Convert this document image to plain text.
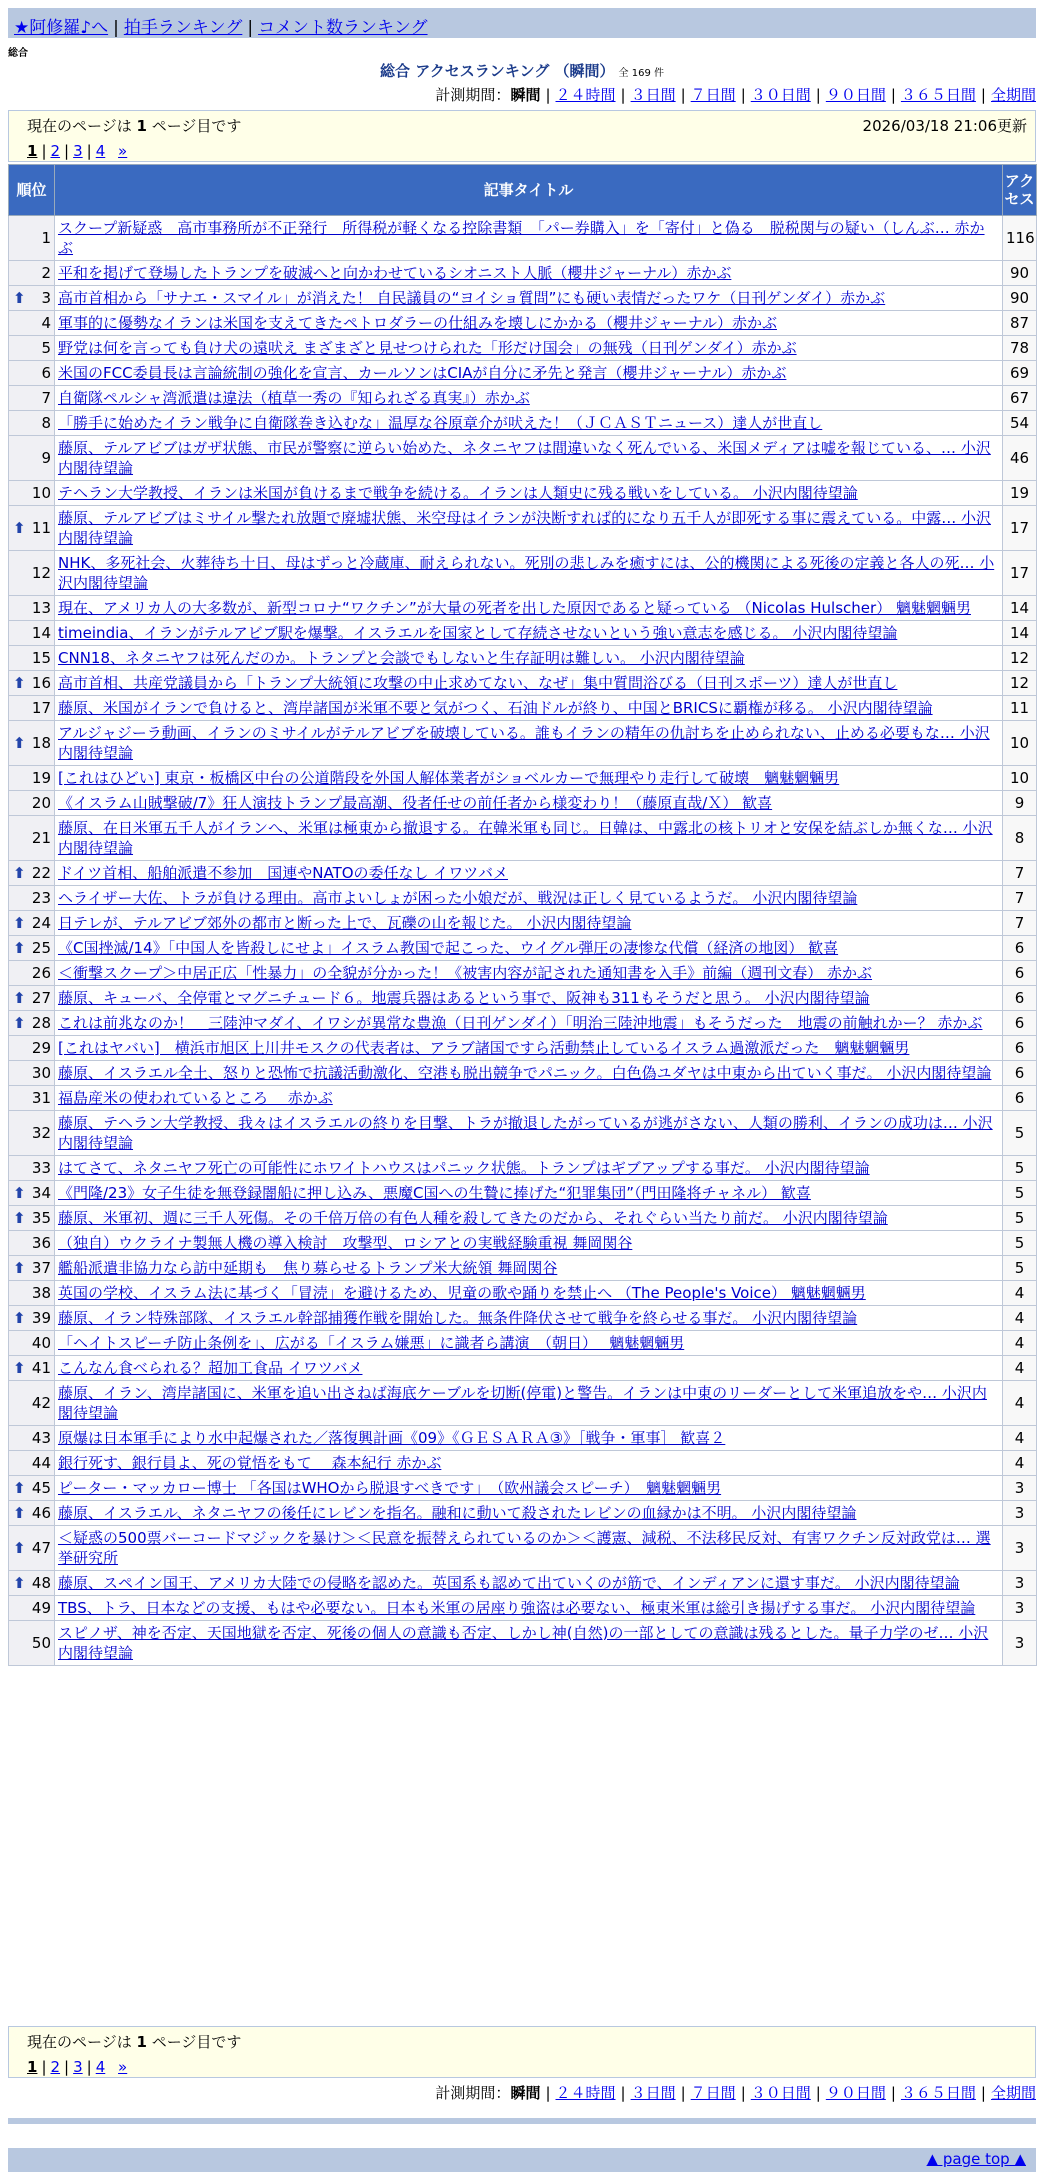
★阿修羅♪へ | 拍手ランキング | コメント数ランキング
総合
総合 アクセスランキング （瞬間） 全 169 件
計測期間：瞬間 | ２４時間 | ３日間 | ７日間 | ３０日間 | ９０日間 | ３６５日間 | 全期間
現在のページは 1 ページ目です	2026/03/18 21:06更新
1 | 2 | 3 | 4 »
順位	記事タイトル	アクセス
1	スクープ新疑惑　高市事務所が不正発行　所得税が軽くなる控除書類　「パー券購入」を「寄付」と偽る　脱税関与の疑い（しんぶ… 赤かぶ	116
2	平和を掲げて登場したトランプを破滅へと向かわせているシオニスト人脈（櫻井ジャーナル）赤かぶ	90

⬆ 3	高市首相から「サナエ・スマイル」が消えた！ 自民議員の“ヨイショ質問”にも硬い表情だったワケ（日刊ゲンダイ）赤かぶ	90
4	軍事的に優勢なイランは米国を支えてきたペトロダラーの仕組みを壊しにかかる（櫻井ジャーナル）赤かぶ	87
5	野党は何を言っても負け犬の遠吠え まざまざと見せつけられた「形だけ国会」の無残（日刊ゲンダイ）赤かぶ	78
6	米国のFCC委員長は言論統制の強化を宣言、カールソンはCIAが自分に矛先と発言（櫻井ジャーナル）赤かぶ	69
7	自衛隊ペルシャ湾派遣は違法（植草一秀の『知られざる真実』）赤かぶ	67
8	「勝手に始めたイラン戦争に自衛隊巻き込むな」温厚な谷原章介が吠えた！（ＪＣＡＳＴニュース）達人が世直し	54
9	藤原、テルアビブはガザ状態、市民が警察に逆らい始めた、ネタニヤフは間違いなく死んでいる、米国メディアは嘘を報じている、… 小沢内閣待望論	46
10	テヘラン大学教授、イランは米国が負けるまで戦争を続ける。イランは人類史に残る戦いをしている。 小沢内閣待望論	19

⬆ 11	藤原、テルアビブはミサイル撃たれ放題で廃墟状態、米空母はイランが決断すれば的になり五千人が即死する事に震えている。中露… 小沢内閣待望論	17
12	NHK、多死社会、火葬待ち十日、母はずっと冷蔵庫、耐えられない。死別の悲しみを癒すには、公的機関による死後の定義と各人の死… 小沢内閣待望論	17
13	現在、アメリカ人の大多数が、新型コロナ“ワクチン”が大量の死者を出した原因であると疑っている （Nicolas Hulscher） 魑魅魍魎男	14
14	timeindia、イランがテルアビブ駅を爆撃。イスラエルを国家として存続させないという強い意志を感じる。 小沢内閣待望論	14
15	CNN18、ネタニヤフは死んだのか。トランプと会談でもしないと生存証明は難しい。 小沢内閣待望論	12

⬆ 16	高市首相、共産党議員から「トランプ大統領に攻撃の中止求めてない、なぜ」集中質問浴びる（日刊スポーツ）達人が世直し	12
17	藤原、米国がイランで負けると、湾岸諸国が米軍不要と気がつく、石油ドルが終り、中国とBRICSに覇権が移る。 小沢内閣待望論	11

⬆ 18	アルジャジーラ動画、イランのミサイルがテルアビブを破壊している。誰もイランの精年の仇討ちを止められない、止める必要もな… 小沢内閣待望論	10
19	[これはひどい] 東京・板橋区中台の公道階段を外国人解体業者がショベルカーで無理やり走行して破壊　魑魅魍魎男	10
20	《イスラム山賊撃破/7》狂人演技トランプ最高潮、役者任せの前任者から様変わり！（藤原直哉/Ｘ） 歓喜	9
21	藤原、在日米軍五千人がイランへ、米軍は極東から撤退する。在韓米軍も同じ。日韓は、中露北の核トリオと安保を結ぶしか無くな… 小沢内閣待望論	8

⬆ 22	ドイツ首相、船舶派遣不参加　国連やNATOの委任なし イワツバメ	7
23	ヘライザー大佐、トラが負ける理由。高市よいしょが困った小娘だが、戦況は正しく見ているようだ。 小沢内閣待望論	7

⬆ 24	日テレが、テルアビブ郊外の都市と断った上で、瓦礫の山を報じた。 小沢内閣待望論	7

⬆ 25	《C国挫滅/14》「中国人を皆殺しにせよ」イスラム教国で起こった、ウイグル弾圧の凄惨な代償（経済の地図） 歓喜	6
26	＜衝撃スクープ＞中居正広「性暴力」の全貌が分かった！《被害内容が記された通知書を入手》前編（週刊文春） 赤かぶ	6

⬆ 27	藤原、キューバ、全停電とマグニチュード６。地震兵器はあるという事で、阪神も311もそうだと思う。 小沢内閣待望論	6

⬆ 28	これは前兆なのか！　三陸沖マダイ、イワシが異常な豊漁（日刊ゲンダイ）「明治三陸沖地震」もそうだった　地震の前触れかー？ 赤かぶ	6
29	[これはヤバい]　横浜市旭区上川井モスクの代表者は、アラブ諸国ですら活動禁止しているイスラム過激派だった　魑魅魍魎男	6
30	藤原、イスラエル全土、怒りと恐怖で抗議活動激化、空港も脱出競争でパニック。白色偽ユダヤは中東から出ていく事だ。 小沢内閣待望論	6
31	福島産米の使われているところ　 赤かぶ	6
32	藤原、テヘラン大学教授、我々はイスラエルの終りを目撃、トラが撤退したがっているが逃がさない、人類の勝利、イランの成功は… 小沢内閣待望論	5
33	はてさて、ネタニヤフ死亡の可能性にホワイトハウスはパニック状態。トランプはギブアップする事だ。 小沢内閣待望論	5

⬆ 34	《門隆/23》女子生徒を無登録闇船に押し込み、悪魔C国への生贄に捧げた“犯罪集団”（門田隆将チャネル） 歓喜	5

⬆ 35	藤原、米軍初、週に三千人死傷。その千倍万倍の有色人種を殺してきたのだから、それぐらい当たり前だ。 小沢内閣待望論	5
36	（独自）ウクライナ製無人機の導入検討　攻撃型、ロシアとの実戦経験重視 舞岡関谷	5

⬆ 37	艦船派遣非協力なら訪中延期も　焦り募らせるトランプ米大統領 舞岡関谷	5
38	英国の学校、イスラム法に基づく「冒涜」を避けるため、児童の歌や踊りを禁止へ （The People's Voice） 魑魅魍魎男	4

⬆ 39	藤原、イラン特殊部隊、イスラエル幹部捕獲作戦を開始した。無条件降伏させて戦争を終らせる事だ。 小沢内閣待望論	4
40	「ヘイトスピーチ防止条例を」、広がる「イスラム嫌悪」に識者ら講演　（朝日）　 魑魅魍魎男	4

⬆ 41	こんなん食べられる？超加工食品 イワツバメ	4
42	藤原、イラン、湾岸諸国に、米軍を追い出さねば海底ケーブルを切断(停電)と警告。イランは中東のリーダーとして米軍追放をや… 小沢内閣待望論	4
43	原爆は日本軍手により水中起爆された／落復興計画《09》《ＧＥＳＡＲＡ③》［戦争・軍事］ 歓喜２	4
44	銀行死す、銀行員よ、死の覚悟をもて　 森本紀行 赤かぶ	4

⬆ 45	ピーター・マッカロー博士 「各国はWHOから脱退すべきです」　（欧州議会スピーチ）　魑魅魍魎男	3

⬆ 46	藤原、イスラエル、ネタニヤフの後任にレビンを指名。融和に動いて殺されたレビンの血縁かは不明。 小沢内閣待望論	3

⬆ 47	＜疑惑の500票バーコードマジックを暴け＞＜民意を振替えられているのか＞＜護憲、減税、不法移民反対、有害ワクチン反対政党は… 選挙研究所	3

⬆ 48	藤原、スペイン国王、アメリカ大陸での侵略を認めた。英国系も認めて出ていくのが筋で、インディアンに還す事だ。 小沢内閣待望論	3
49	TBS、トラ、日本などの支援、もはや必要ない。日本も米軍の居座り強盗は必要ない、極東米軍は総引き揚げする事だ。 小沢内閣待望論	3
50	スピノザ、神を否定、天国地獄を否定、死後の個人の意識も否定、しかし神(自然)の一部としての意識は残るとした。量子力学のゼ… 小沢内閣待望論	3
現在のページは 1 ページ目です
1 | 2 | 3 | 4 »
計測期間：瞬間 | ２４時間 | ３日間 | ７日間 | ３０日間 | ９０日間 | ３６５日間 | 全期間
▲ page top ▲
